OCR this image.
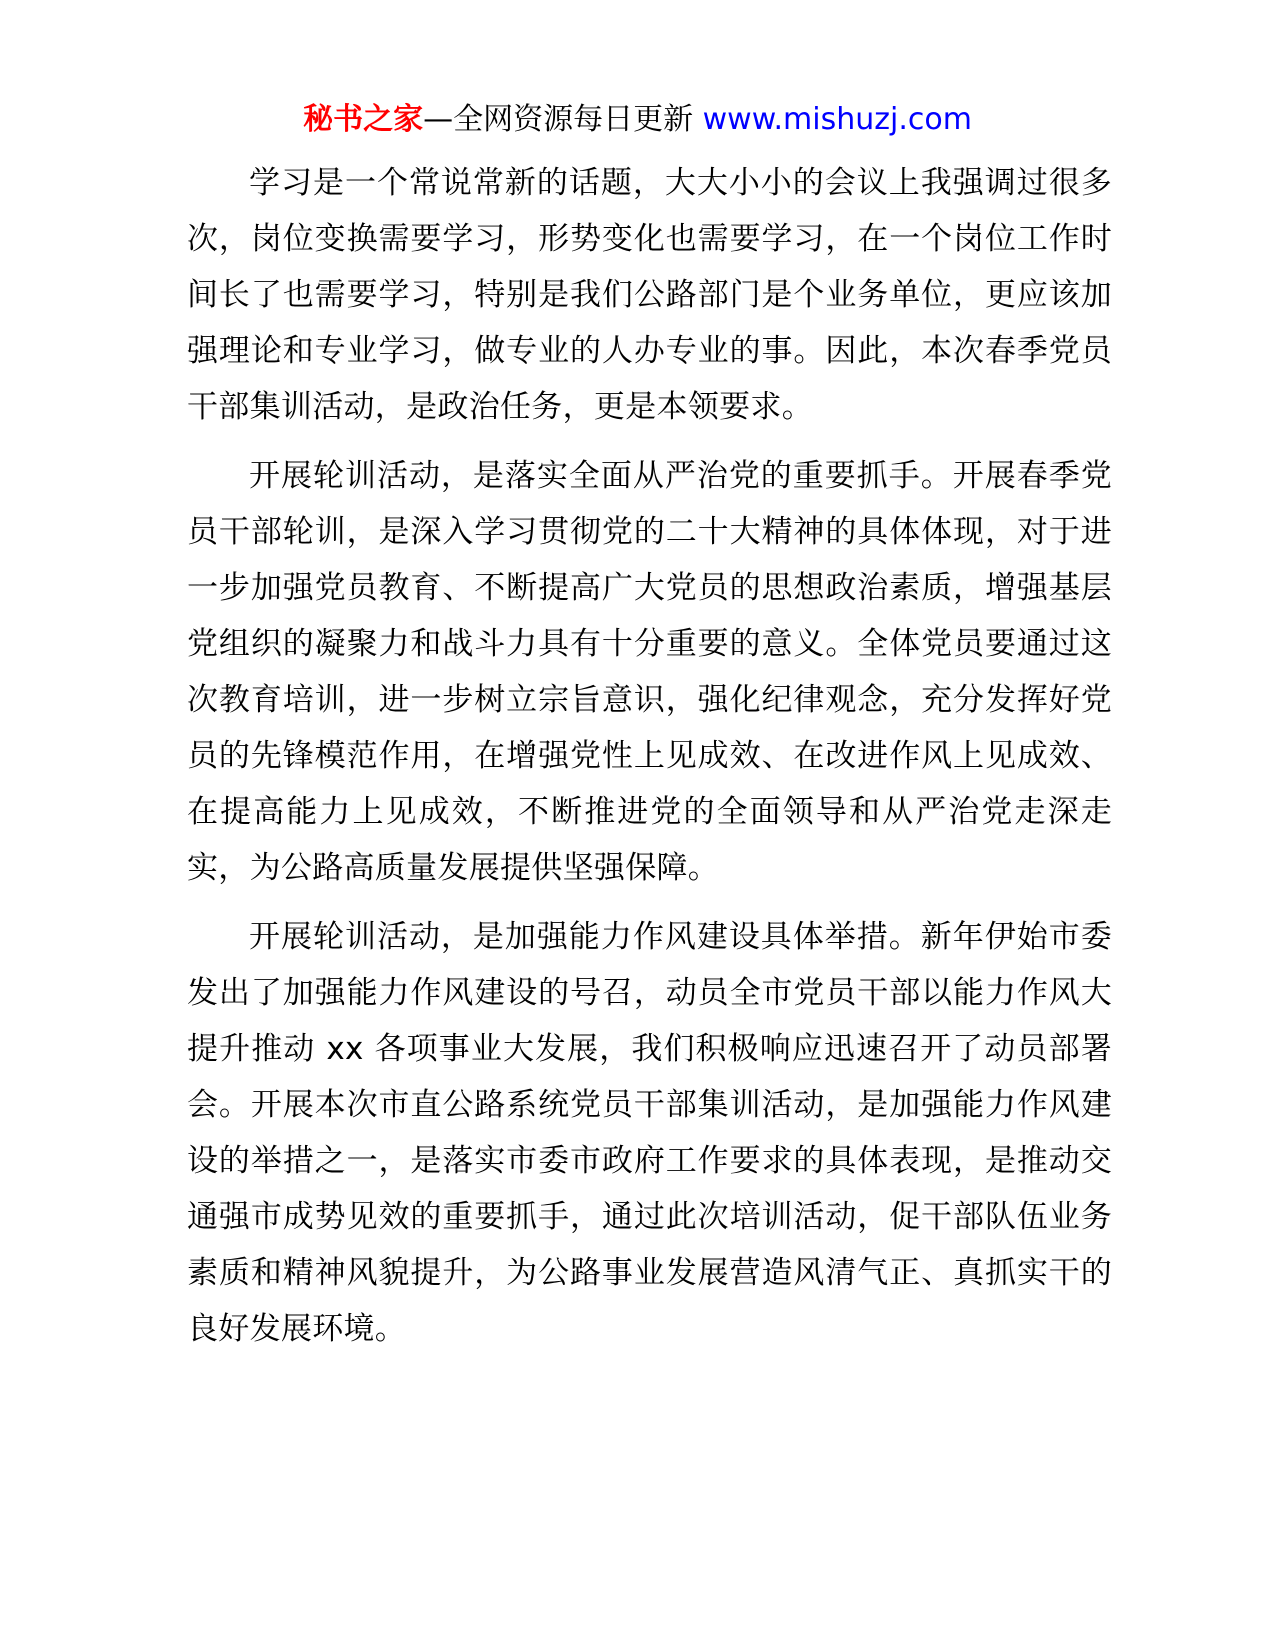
秘书之家—全网资源每日更新 www.mishuzj.com

学习是一个常说常新的话题，大大小小的会议上我强调过很多次，岗位变换需要学习，形势变化也需要学习，在一个岗位工作时间长了也需要学习，特别是我们公路部门是个业务单位，更应该加强理论和专业学习，做专业的人办专业的事。因此，本次春季党员干部集训活动，是政治任务，更是本领要求。

开展轮训活动，是落实全面从严治党的重要抓手。开展春季党员干部轮训，是深入学习贯彻党的二十大精神的具体体现，对于进一步加强党员教育、不断提高广大党员的思想政治素质，增强基层党组织的凝聚力和战斗力具有十分重要的意义。全体党员要通过这次教育培训，进一步树立宗旨意识，强化纪律观念，充分发挥好党员的先锋模范作用，在增强党性上见成效、在改进作风上见成效、在提高能力上见成效，不断推进党的全面领导和从严治党走深走实，为公路高质量发展提供坚强保障。

开展轮训活动，是加强能力作风建设具体举措。新年伊始市委发出了加强能力作风建设的号召，动员全市党员干部以能力作风大提升推动 xx 各项事业大发展，我们积极响应迅速召开了动员部署会。开展本次市直公路系统党员干部集训活动，是加强能力作风建设的举措之一，是落实市委市政府工作要求的具体表现，是推动交通强市成势见效的重要抓手，通过此次培训活动，促干部队伍业务素质和精神风貌提升，为公路事业发展营造风清气正、真抓实干的良好发展环境。
